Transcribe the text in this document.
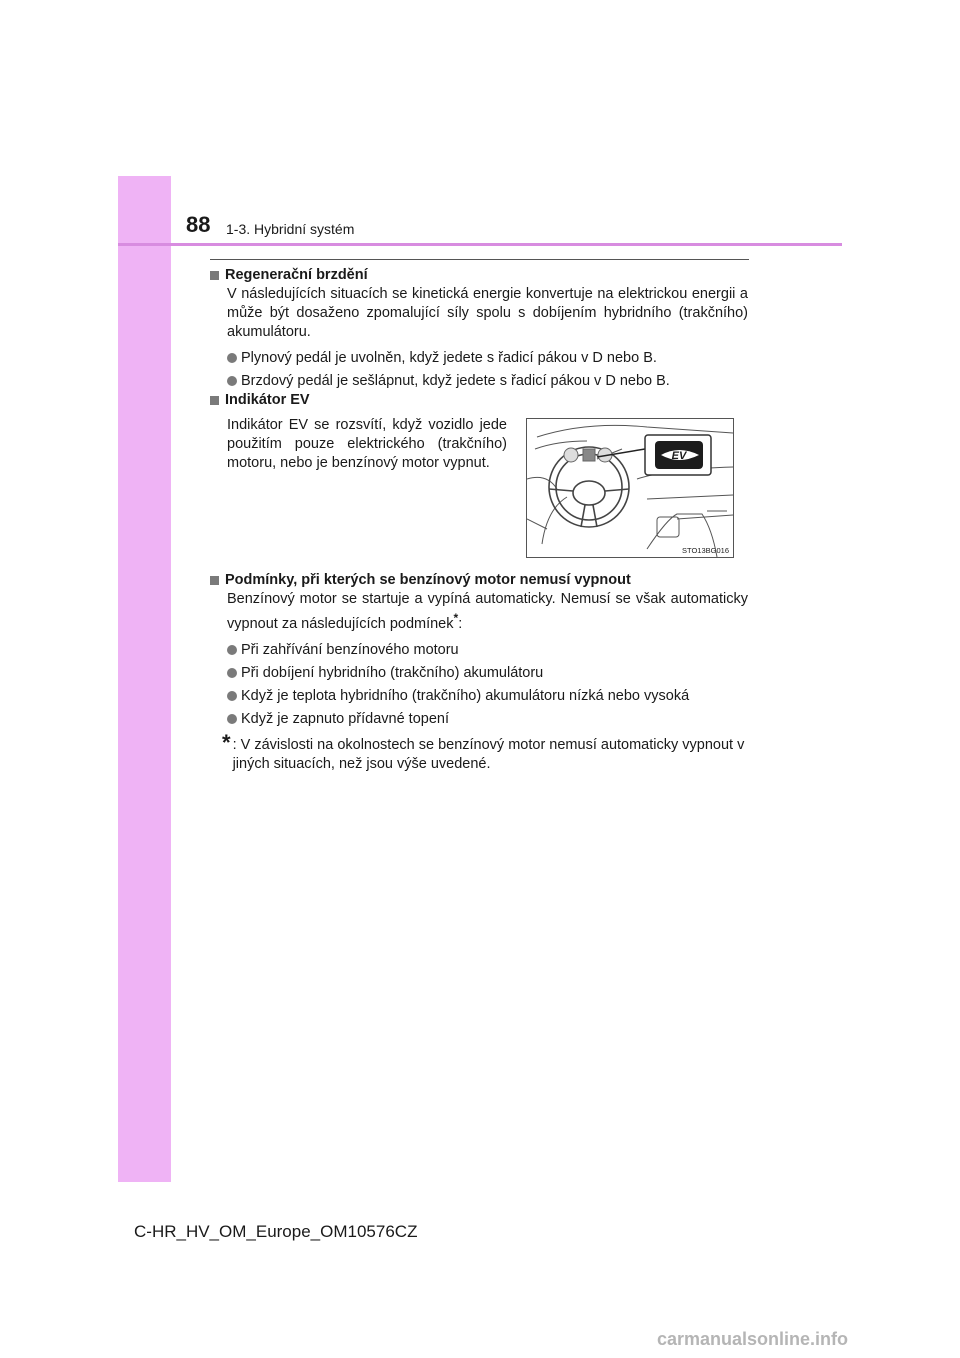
88 1-3. Hybridní systém
Regenerační brzdění
V následujících situacích se kinetická energie konvertuje na elektrickou energii a může být dosaženo zpomalující síly spolu s dobíjením hybridního (trakčního) akumulátoru.
Plynový pedál je uvolněn, když jedete s řadicí pákou v D nebo B.
Brzdový pedál je sešlápnut, když jedete s řadicí pákou v D nebo B.
Indikátor EV
Indikátor EV se rozsvítí, když vozidlo jede použitím pouze elektrického (trakčního) motoru, nebo je benzínový motor vypnut.	EV
STO13BG016
Podmínky, při kterých se benzínový motor nemusí vypnout
Benzínový motor se startuje a vypíná automaticky. Nemusí se však automaticky vypnout za následujících podmínek*:
Při zahřívání benzínového motoru
Při dobíjení hybridního (trakčního) akumulátoru
Když je teplota hybridního (trakčního) akumulátoru nízká nebo vysoká
Když je zapnuto přídavné topení
* : V závislosti na okolnostech se benzínový motor nemusí automaticky vypnout v jiných situacích, než jsou výše uvedené.
C-HR_HV_OM_Europe_OM10576CZ
carmanualsonline.info
